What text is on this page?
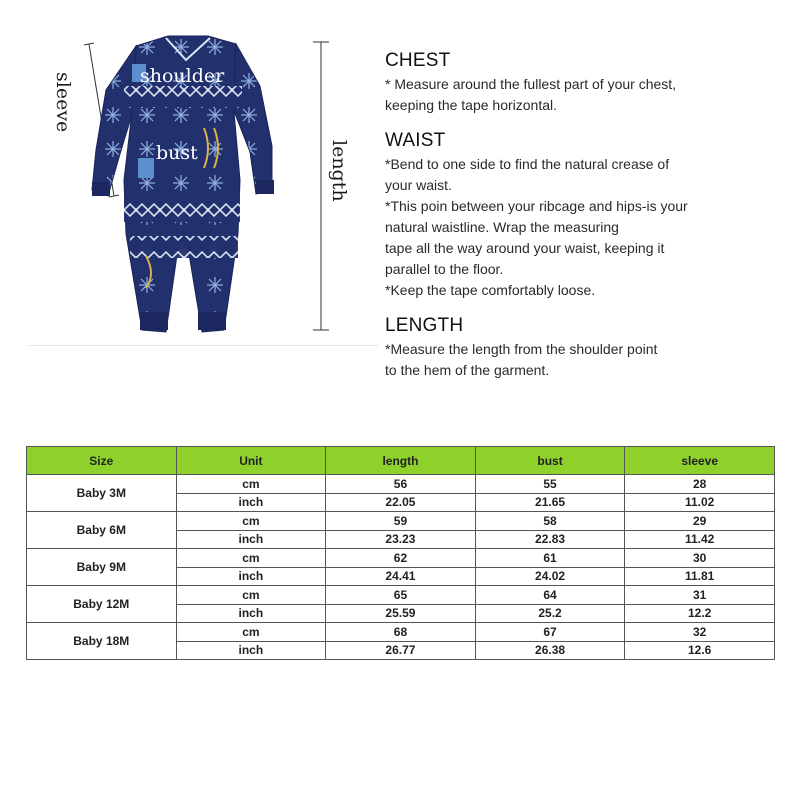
shoulder
bust
sleeve
length
CHEST
* Measure around the fullest part of your chest,
keeping the tape horizontal.
WAIST
*Bend to one side to find the natural crease of
your waist.
*This poin between your ribcage and hips-is your
natural waistline. Wrap the measuring
tape all the way around your waist, keeping it
parallel to the floor.
*Keep the tape comfortably loose.
LENGTH
*Measure the length from the shoulder point
to the hem of the garment.
Size	Unit	length	bust	sleeve
Baby 3M	cm	56	55	28
	inch	22.05	21.65	11.02
Baby 6M	cm	59	58	29
	inch	23.23	22.83	11.42
Baby 9M	cm	62	61	30
	inch	24.41	24.02	11.81
Baby 12M	cm	65	64	31
	inch	25.59	25.2	12.2
Baby 18M	cm	68	67	32
	inch	26.77	26.38	12.6
